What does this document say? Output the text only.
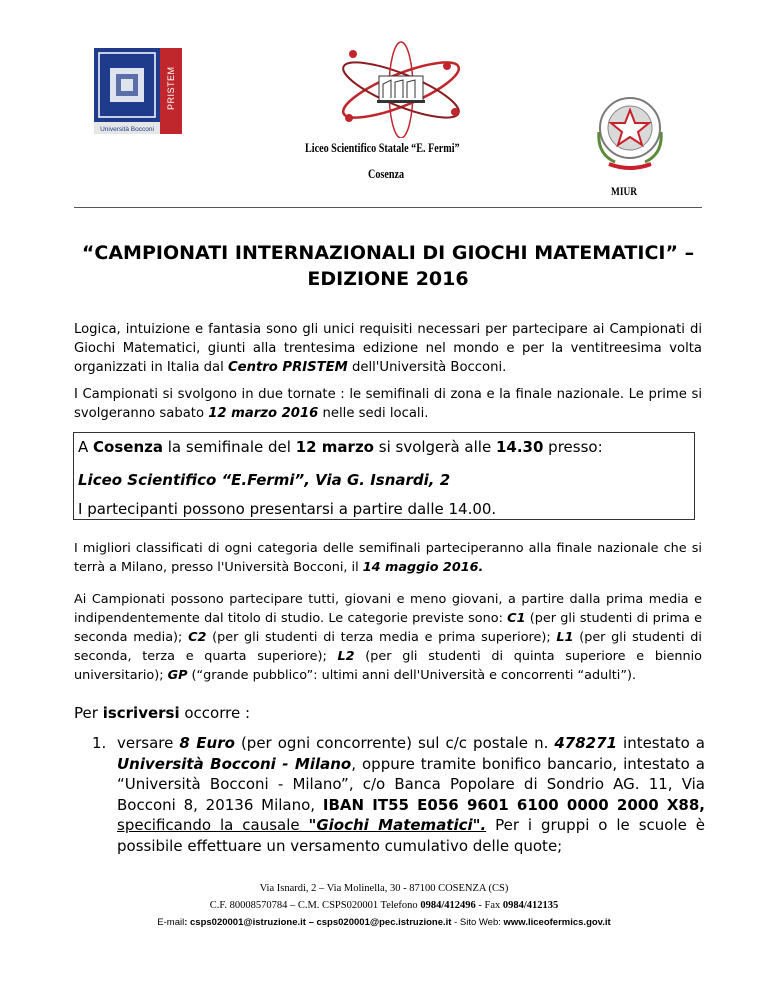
Università Bocconi
PRISTEM
Liceo Scientifico Statale “E. Fermi”
Cosenza
MIUR
“CAMPIONATI INTERNAZIONALI DI GIOCHI MATEMATICI” –
EDIZIONE 2016
Logica, intuizione e fantasia sono gli unici requisiti necessari per partecipare ai Campionati di Giochi Matematici, giunti alla trentesima edizione nel mondo e per la ventitreesima volta organizzati in Italia dal Centro PRISTEM dell'Università Bocconi.
I Campionati si svolgono in due tornate : le semifinali di zona e la finale nazionale. Le prime si svolgeranno sabato 12 marzo 2016 nelle sedi locali.
A Cosenza la semifinale del 12 marzo si svolgerà alle 14.30 presso:
Liceo Scientifico “E.Fermi”, Via G. Isnardi, 2
I partecipanti possono presentarsi a partire dalle 14.00.
I migliori classificati di ogni categoria delle semifinali parteciperanno alla finale nazionale che si terrà a Milano, presso l'Università Bocconi, il 14 maggio 2016.
Ai Campionati possono partecipare tutti, giovani e meno giovani, a partire dalla prima media e indipendentemente dal titolo di studio. Le categorie previste sono: C1 (per gli studenti di prima e seconda media); C2 (per gli studenti di terza media e prima superiore); L1 (per gli studenti di seconda, terza e quarta superiore); L2 (per gli studenti di quinta superiore e biennio universitario); GP (“grande pubblico”: ultimi anni dell'Università e concorrenti “adulti”).
Per iscriversi occorre :
1. versare 8 Euro (per ogni concorrente) sul c/c postale n. 478271 intestato a Università Bocconi - Milano, oppure tramite bonifico bancario, intestato a “Università Bocconi - Milano”, c/o Banca Popolare di Sondrio AG. 11, Via Bocconi 8, 20136 Milano, IBAN IT55 E056 9601 6100 0000 2000 X88, specificando la causale "Giochi Matematici". Per i gruppi o le scuole è possibile effettuare un versamento cumulativo delle quote;
Via Isnardi, 2 – Via Molinella, 30 - 87100 COSENZA (CS)
C.F. 80008570784 – C.M. CSPS020001 Telefono 0984/412496 - Fax 0984/412135
E-mail: csps020001@istruzione.it – csps020001@pec.istruzione.it - Sito Web: www.liceofermics.gov.it
